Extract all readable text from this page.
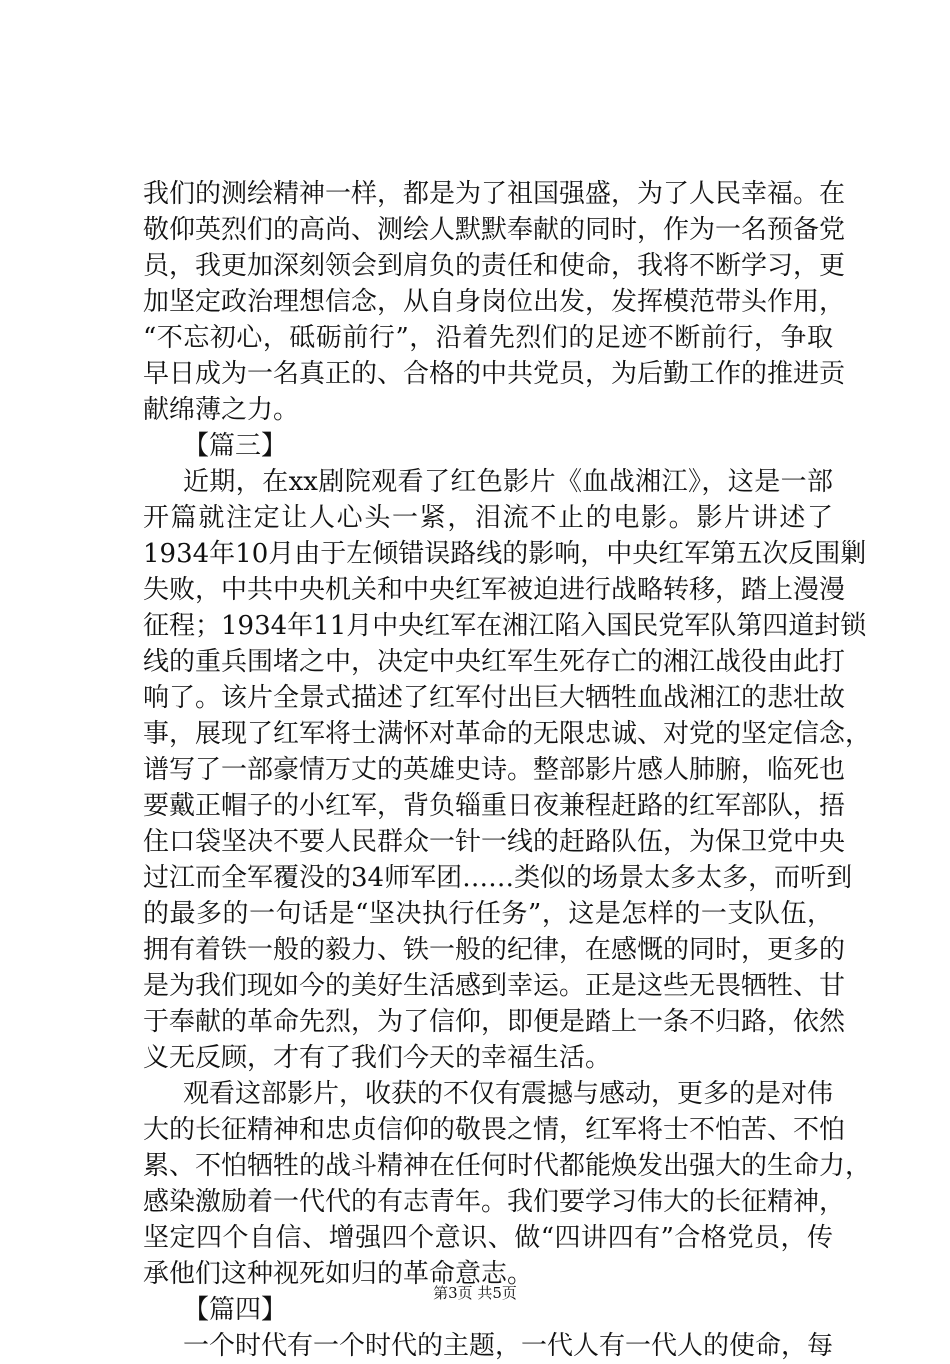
我们的测绘精神一样，都是为了祖国强盛，为了人民幸福。在
敬仰英烈们的高尚、测绘人默默奉献的同时，作为一名预备党
员，我更加深刻领会到肩负的责任和使命，我将不断学习，更
加坚定政治理想信念，从自身岗位出发，发挥模范带头作用，
“不忘初心，砥砺前行”，沿着先烈们的足迹不断前行，争取
早日成为一名真正的、合格的中共党员，为后勤工作的推进贡
献绵薄之力。
【篇三】
近期，在xx剧院观看了红色影片《血战湘江》，这是一部
开篇就注定让人心头一紧，泪流不止的电影。影片讲述了
1934年10月由于左倾错误路线的影响，中央红军第五次反围剿
失败，中共中央机关和中央红军被迫进行战略转移，踏上漫漫
征程；1934年11月中央红军在湘江陷入国民党军队第四道封锁
线的重兵围堵之中，决定中央红军生死存亡的湘江战役由此打
响了。该片全景式描述了红军付出巨大牺牲血战湘江的悲壮故
事，展现了红军将士满怀对革命的无限忠诚、对党的坚定信念，
谱写了一部豪情万丈的英雄史诗。整部影片感人肺腑，临死也
要戴正帽子的小红军，背负辎重日夜兼程赶路的红军部队，捂
住口袋坚决不要人民群众一针一线的赶路队伍，为保卫党中央
过江而全军覆没的34师军团……类似的场景太多太多，而听到
的最多的一句话是“坚决执行任务”，这是怎样的一支队伍，
拥有着铁一般的毅力、铁一般的纪律，在感慨的同时，更多的
是为我们现如今的美好生活感到幸运。正是这些无畏牺牲、甘
于奉献的革命先烈，为了信仰，即便是踏上一条不归路，依然
义无反顾，才有了我们今天的幸福生活。
观看这部影片，收获的不仅有震撼与感动，更多的是对伟
大的长征精神和忠贞信仰的敬畏之情，红军将士不怕苦、不怕
累、不怕牺牲的战斗精神在任何时代都能焕发出强大的生命力，
感染激励着一代代的有志青年。我们要学习伟大的长征精神，
坚定四个自信、增强四个意识、做“四讲四有”合格党员，传
承他们这种视死如归的革命意志。
【篇四】
一个时代有一个时代的主题，一代人有一代人的使命，每
第3页 共5页
